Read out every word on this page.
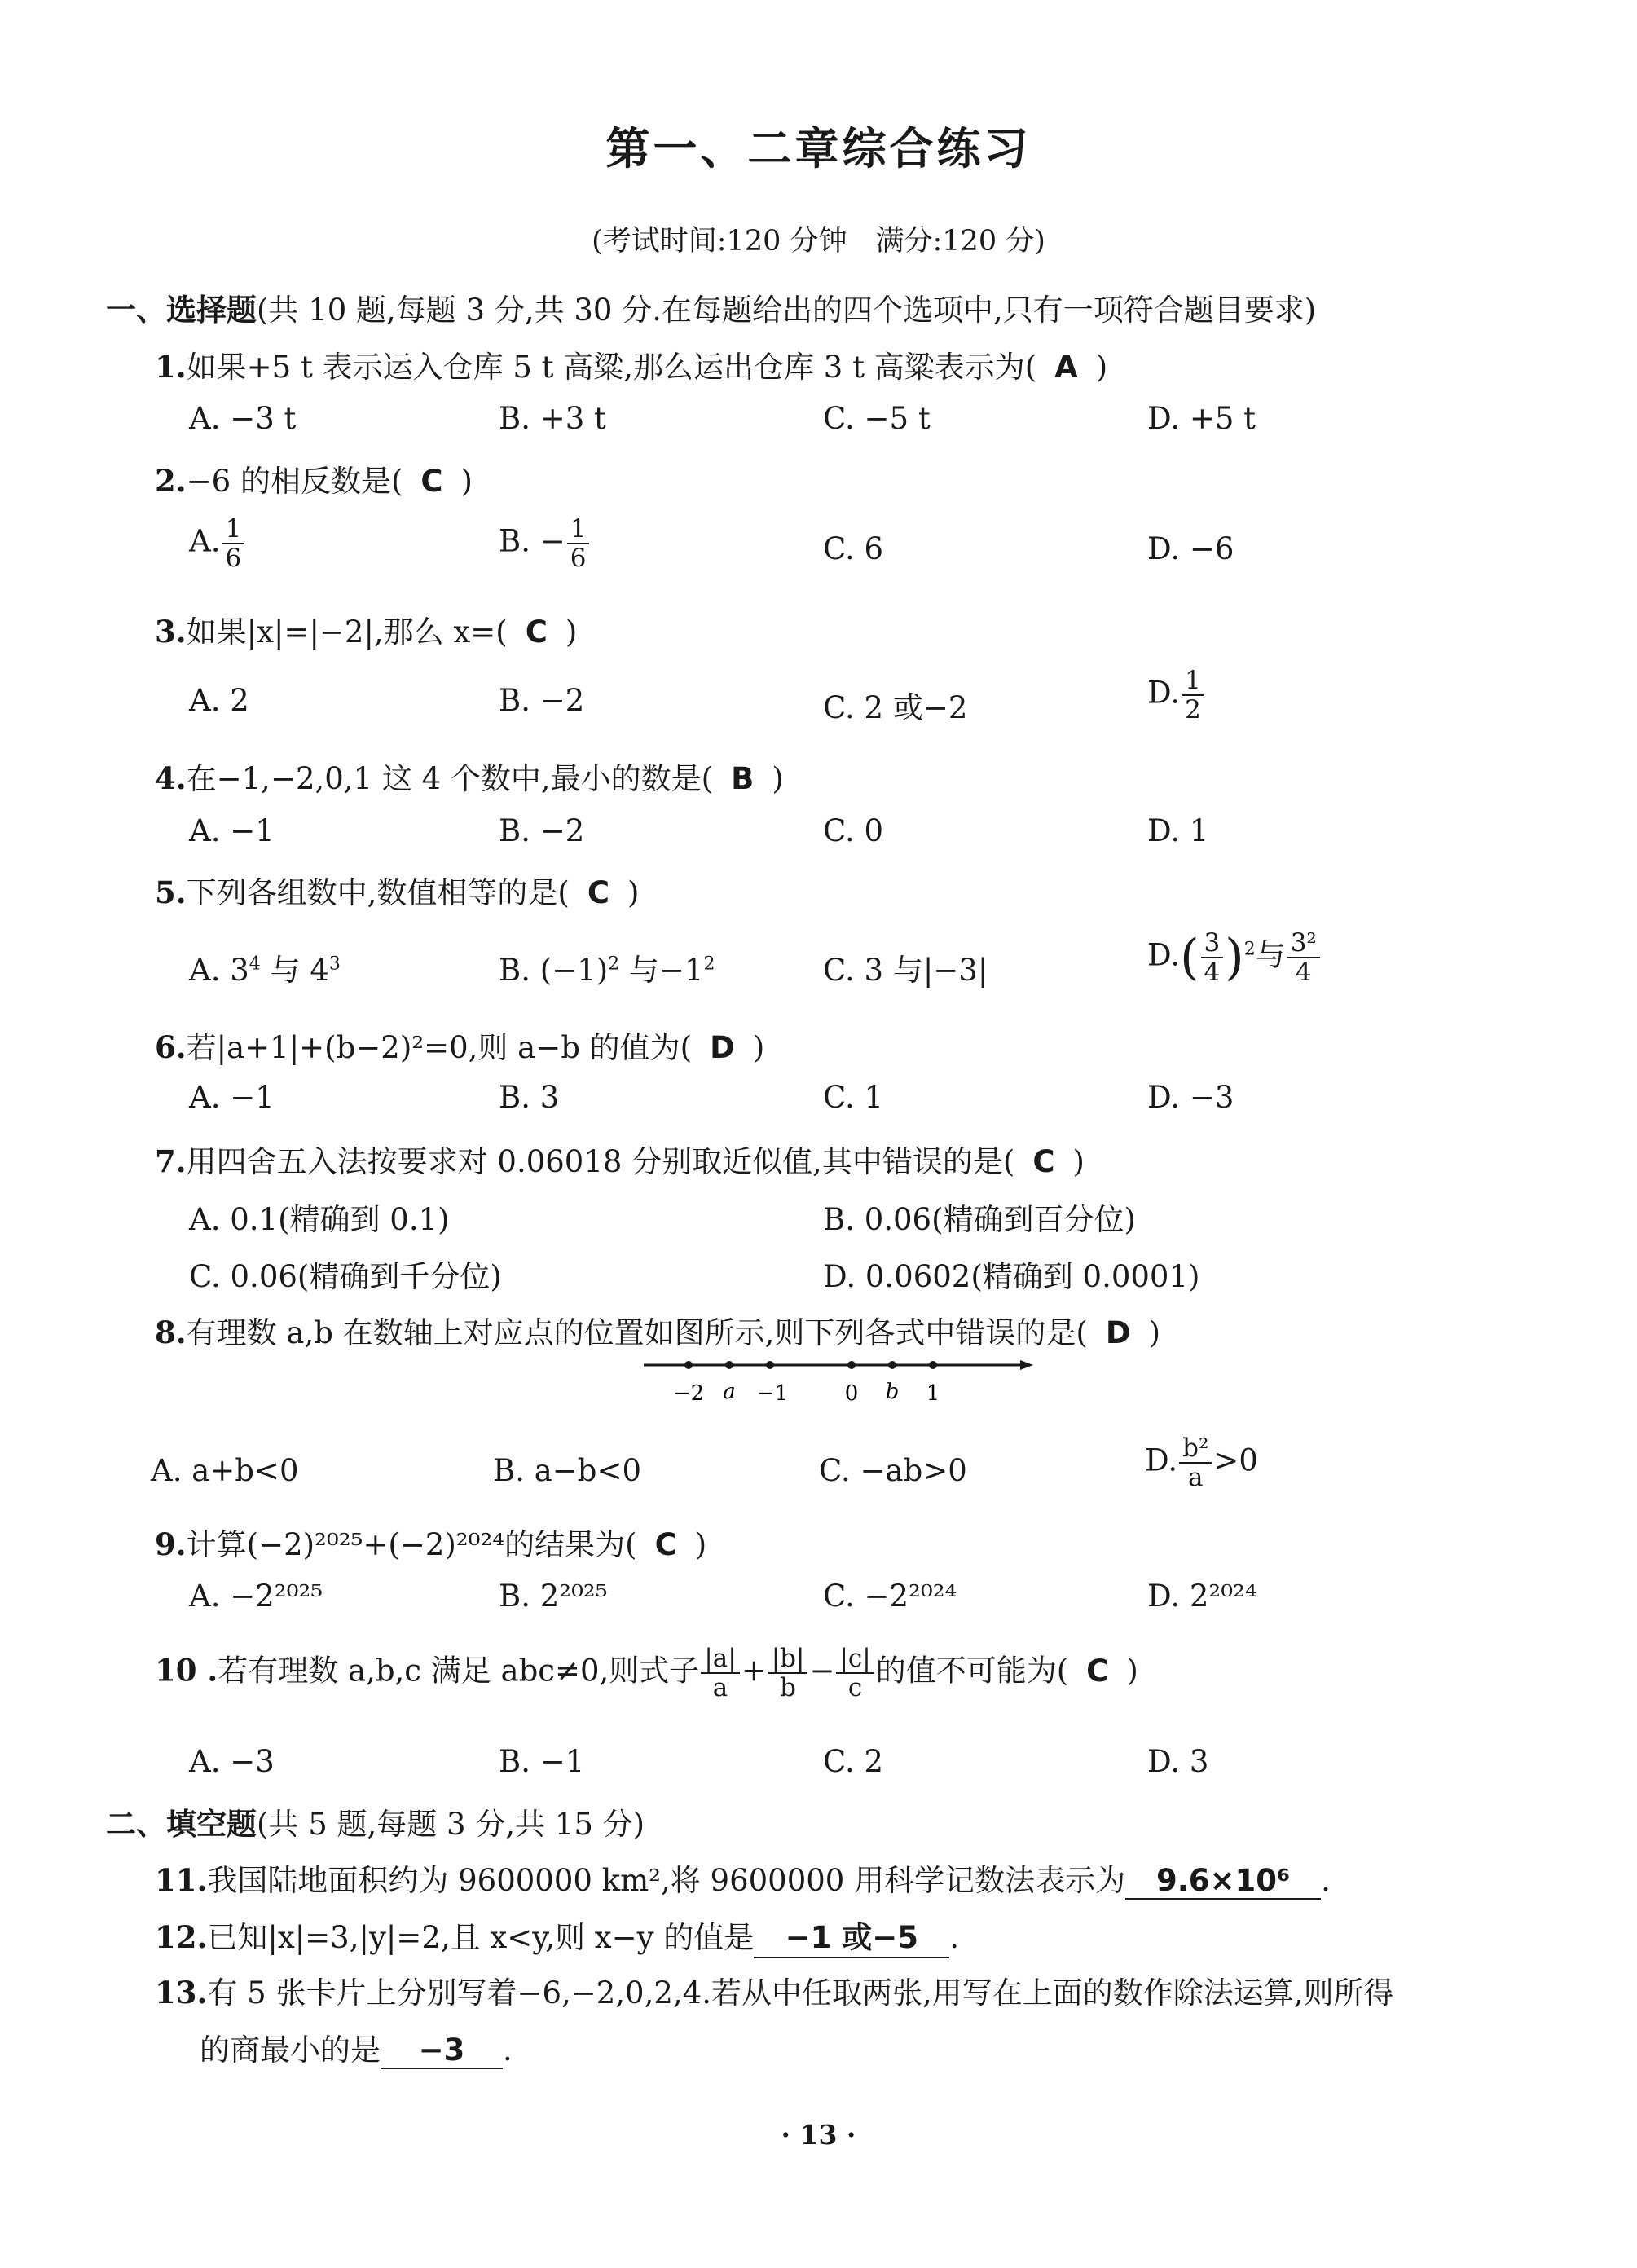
第一、二章综合练习
(考试时间:120 分钟　满分:120 分)
一、选择题(共 10 题,每题 3 分,共 30 分.在每题给出的四个选项中,只有一项符合题目要求)
1.如果+5 t 表示运入仓库 5 t 高粱,那么运出仓库 3 t 高粱表示为( A )
A. −3 t	B. +3 t	C. −5 t	D. +5 t
2.−6 的相反数是( C )
A. $\frac{1}{6}$	B. − $\frac{1}{6}$	C. 6	D. −6
3.如果|x|=|−2|,那么 x=( C )
A. 2	B. −2	C. 2 或−2	D. $\frac{1}{2}$
4.在−1,−2,0,1 这 4 个数中,最小的数是( B )
A. −1	B. −2	C. 0	D. 1
5.下列各组数中,数值相等的是( C )
A. $3^4$ 与 $4^3$	B. $(-1)^2$ 与$-1^2$	C. 3 与|−3|	$D.( \frac{3}{4} )^2$与 $\frac{\text{3²}}{4}$
6.若|a+1|+(b−2)²=0,则 a−b 的值为( D )
A. −1	B. 3	C. 1	D. −3
7.用四舍五入法按要求对 0.06018 分别取近似值,其中错误的是( C )
A. 0.1(精确到 0.1)	B. 0.06(精确到百分位)
C. 0.06(精确到千分位)	D. 0.0602(精确到 0.0001)
8.有理数 a,b 在数轴上对应点的位置如图所示,则下列各式中错误的是( D )
−2 a −1	0 b 1
A. a+b<0	B. a−b<0	C. −ab>0	D. $\frac{\text{b²}}{a} >0$
9.计算(−2)²⁰²⁵+(−2)²⁰²⁴的结果为( C )
A. −2²⁰²⁵	B. 2²⁰²⁵	C. −2²⁰²⁴	D. 2²⁰²⁴
10 .若有理数 a,b,c 满足 abc≠0,则式子 $\frac{|a|}{a} + \frac{|b|}{b} - \frac{|c|}{c}$ 的值不可能为( C )
A. −3	B. −1	C. 2	D. 3
二、填空题(共 5 题,每题 3 分,共 15 分)
11.我国陆地面积约为 9600000 km²,将 9600000 用科学记数法表示为 9.6×10⁶ .
12.已知|x|=3,|y|=2,且 x<y,则 x−y 的值是 −1 或−5 .
13.有 5 张卡片上分别写着−6,−2,0,2,4.若从中任取两张,用写在上面的数作除法运算,则所得
的商最小的是 −3 .
· 13 ·
